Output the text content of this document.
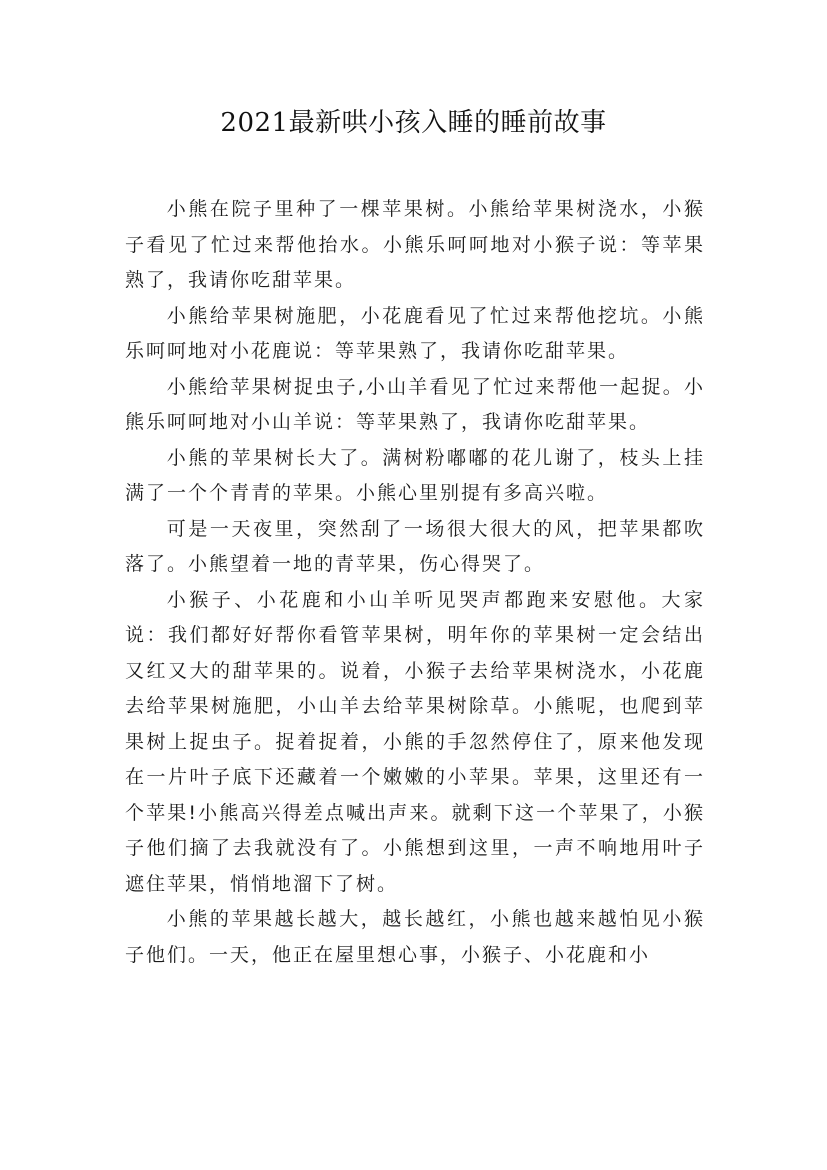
2021最新哄小孩入睡的睡前故事

小熊在院子里种了一棵苹果树。小熊给苹果树浇水，小猴子看见了忙过来帮他抬水。小熊乐呵呵地对小猴子说：等苹果熟了，我请你吃甜苹果。

小熊给苹果树施肥，小花鹿看见了忙过来帮他挖坑。小熊乐呵呵地对小花鹿说：等苹果熟了，我请你吃甜苹果。

小熊给苹果树捉虫子,小山羊看见了忙过来帮他一起捉。小熊乐呵呵地对小山羊说：等苹果熟了，我请你吃甜苹果。

小熊的苹果树长大了。满树粉嘟嘟的花儿谢了，枝头上挂满了一个个青青的苹果。小熊心里别提有多高兴啦。

可是一天夜里，突然刮了一场很大很大的风，把苹果都吹落了。小熊望着一地的青苹果，伤心得哭了。

小猴子、小花鹿和小山羊听见哭声都跑来安慰他。大家说：我们都好好帮你看管苹果树，明年你的苹果树一定会结出又红又大的甜苹果的。说着，小猴子去给苹果树浇水，小花鹿去给苹果树施肥，小山羊去给苹果树除草。小熊呢，也爬到苹果树上捉虫子。捉着捉着，小熊的手忽然停住了，原来他发现在一片叶子底下还藏着一个嫩嫩的小苹果。苹果，这里还有一个苹果!小熊高兴得差点喊出声来。就剩下这一个苹果了，小猴子他们摘了去我就没有了。小熊想到这里，一声不响地用叶子遮住苹果，悄悄地溜下了树。

小熊的苹果越长越大，越长越红，小熊也越来越怕见小猴子他们。一天，他正在屋里想心事，小猴子、小花鹿和小
